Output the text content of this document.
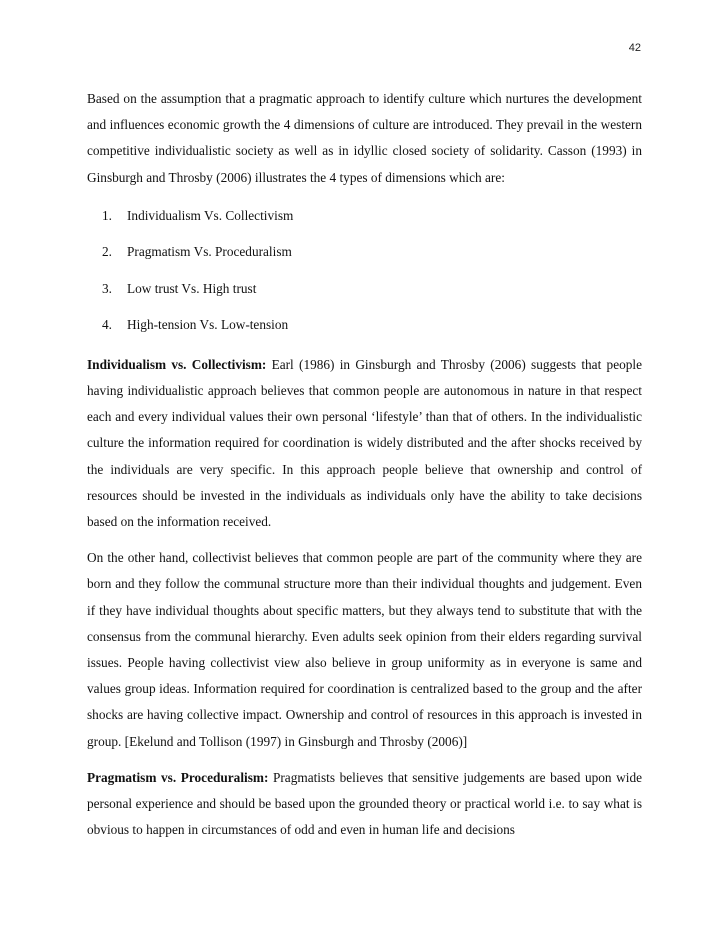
42

Based on the assumption that a pragmatic approach to identify culture which nurtures the development and influences economic growth the 4 dimensions of culture are introduced. They prevail in the western competitive individualistic society as well as in idyllic closed society of solidarity. Casson (1993) in Ginsburgh and Throsby (2006) illustrates the 4 types of dimensions which are:

1. Individualism Vs. Collectivism
2. Pragmatism Vs. Proceduralism
3. Low trust Vs. High trust
4. High-tension Vs. Low-tension

Individualism vs. Collectivism: Earl (1986) in Ginsburgh and Throsby (2006) suggests that people having individualistic approach believes that common people are autonomous in nature in that respect each and every individual values their own personal ‘lifestyle’ than that of others. In the individualistic culture the information required for coordination is widely distributed and the after shocks received by the individuals are very specific. In this approach people believe that ownership and control of resources should be invested in the individuals as individuals only have the ability to take decisions based on the information received.

On the other hand, collectivist believes that common people are part of the community where they are born and they follow the communal structure more than their individual thoughts and judgement. Even if they have individual thoughts about specific matters, but they always tend to substitute that with the consensus from the communal hierarchy. Even adults seek opinion from their elders regarding survival issues. People having collectivist view also believe in group uniformity as in everyone is same and values group ideas. Information required for coordination is centralized based to the group and the after shocks are having collective impact. Ownership and control of resources in this approach is invested in group. [Ekelund and Tollison (1997) in Ginsburgh and Throsby (2006)]

Pragmatism vs. Proceduralism: Pragmatists believes that sensitive judgements are based upon wide personal experience and should be based upon the grounded theory or practical world i.e. to say what is obvious to happen in circumstances of odd and even in human life and decisions
